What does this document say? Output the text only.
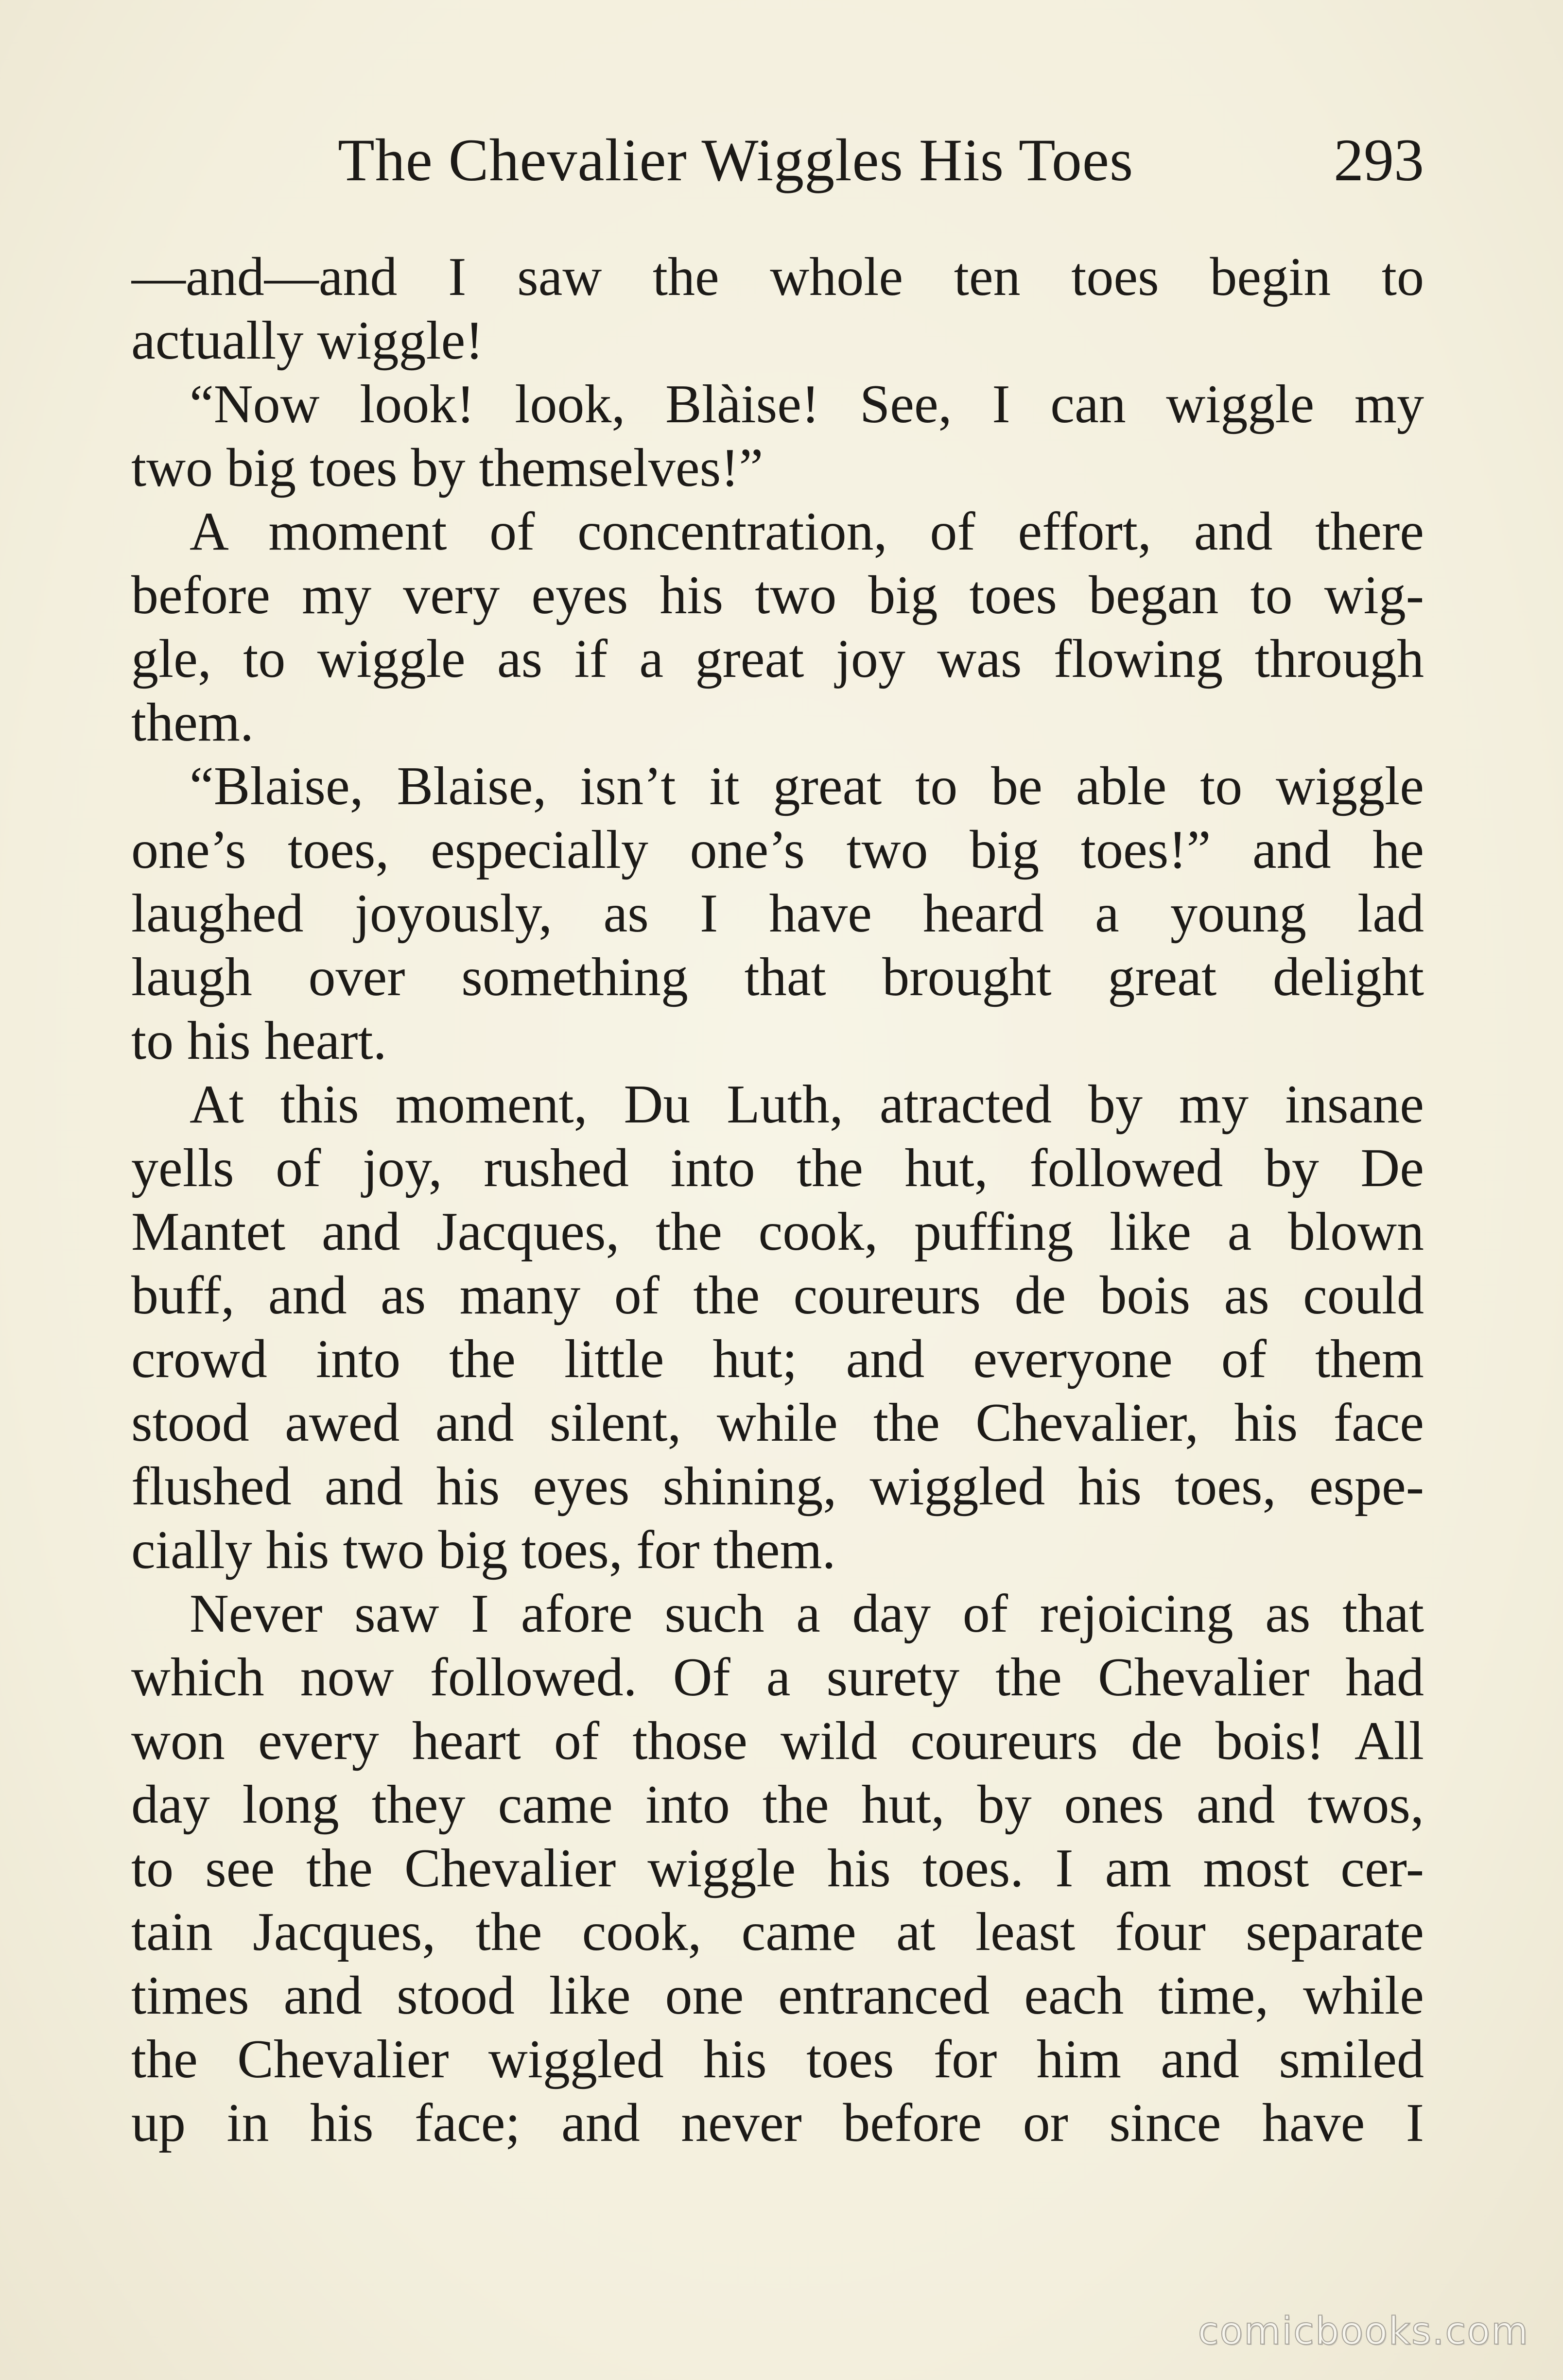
The Chevalier Wiggles His Toes	293
—and—and I saw the whole ten toes begin to
actually wiggle!
“Now look! look, Blàise! See, I can wiggle my
two big toes by themselves!”
A moment of concentration, of effort, and there
before my very eyes his two big toes began to wig-
gle, to wiggle as if a great joy was flowing through
them.
“Blaise, Blaise, isn’t it great to be able to wiggle
one’s toes, especially one’s two big toes!” and he
laughed joyously, as I have heard a young lad
laugh over something that brought great delight
to his heart.
At this moment, Du Luth, atracted by my insane
yells of joy, rushed into the hut, followed by De
Mantet and Jacques, the cook, puffing like a blown
buff, and as many of the coureurs de bois as could
crowd into the little hut; and everyone of them
stood awed and silent, while the Chevalier, his face
flushed and his eyes shining, wiggled his toes, espe-
cially his two big toes, for them.
Never saw I afore such a day of rejoicing as that
which now followed. Of a surety the Chevalier had
won every heart of those wild coureurs de bois! All
day long they came into the hut, by ones and twos,
to see the Chevalier wiggle his toes. I am most cer-
tain Jacques, the cook, came at least four separate
times and stood like one entranced each time, while
the Chevalier wiggled his toes for him and smiled
up in his face; and never before or since have I
comicbooks.com
